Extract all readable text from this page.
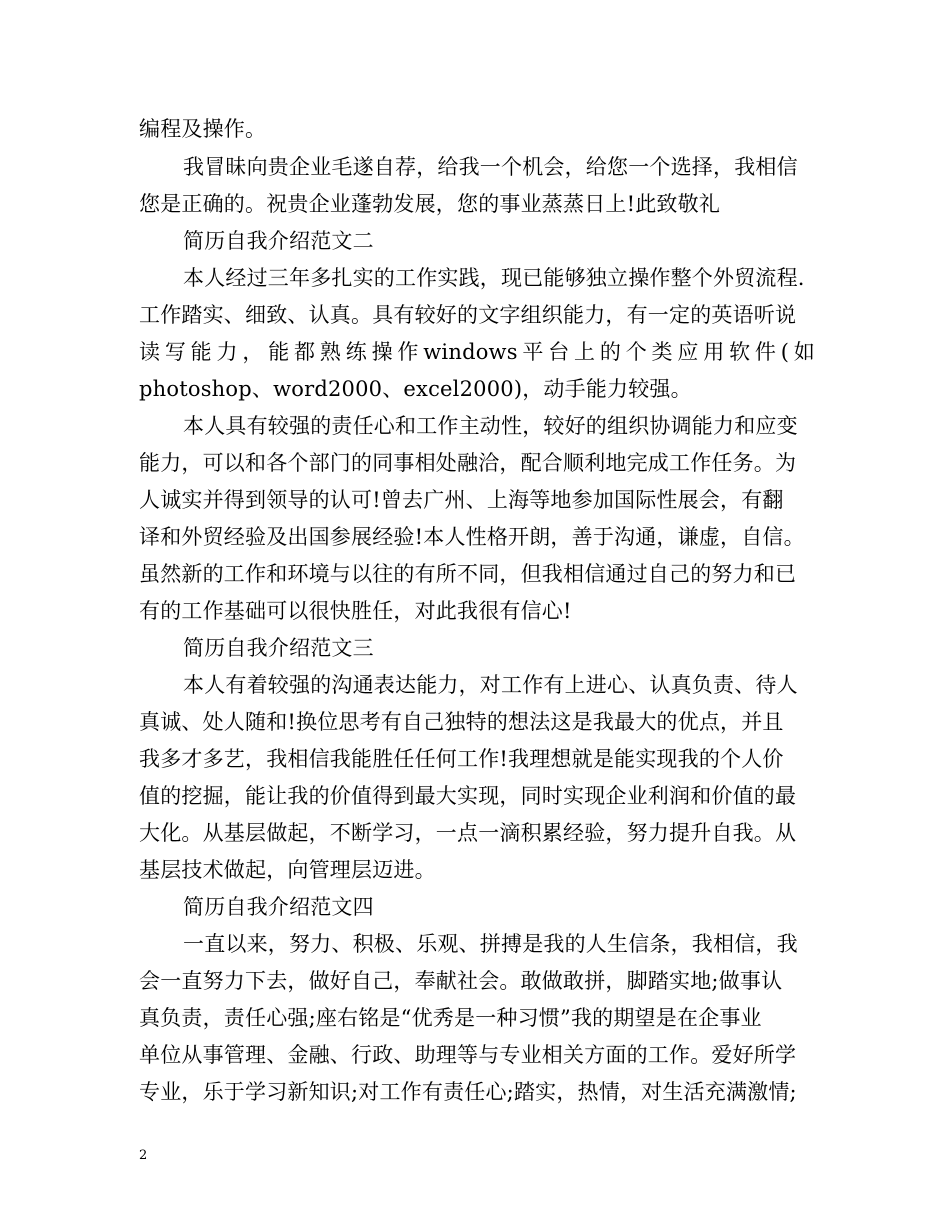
编程及操作。
我冒昧向贵企业毛遂自荐，给我一个机会，给您一个选择，我相信
您是正确的。祝贵企业蓬勃发展，您的事业蒸蒸日上!此致敬礼
简历自我介绍范文二
本人经过三年多扎实的工作实践，现已能够独立操作整个外贸流程.
工作踏实、细致、认真。具有较好的文字组织能力，有一定的英语听说
读写能力，能都熟练操作windows平台上的个类应用软件(如
photoshop、word2000、excel2000)，动手能力较强。
本人具有较强的责任心和工作主动性，较好的组织协调能力和应变
能力，可以和各个部门的同事相处融洽，配合顺利地完成工作任务。为
人诚实并得到领导的认可!曾去广州、上海等地参加国际性展会，有翻
译和外贸经验及出国参展经验!本人性格开朗，善于沟通，谦虚，自信。
虽然新的工作和环境与以往的有所不同，但我相信通过自己的努力和已
有的工作基础可以很快胜任，对此我很有信心!
简历自我介绍范文三
本人有着较强的沟通表达能力，对工作有上进心、认真负责、待人
真诚、处人随和!换位思考有自己独特的想法这是我最大的优点，并且
我多才多艺，我相信我能胜任任何工作!我理想就是能实现我的个人价
值的挖掘，能让我的价值得到最大实现，同时实现企业利润和价值的最
大化。从基层做起，不断学习，一点一滴积累经验，努力提升自我。从
基层技术做起，向管理层迈进。
简历自我介绍范文四
一直以来，努力、积极、乐观、拼搏是我的人生信条，我相信，我
会一直努力下去，做好自己，奉献社会。敢做敢拼，脚踏实地;做事认
真负责，责任心强;座右铭是“优秀是一种习惯”我的期望是在企事业
单位从事管理、金融、行政、助理等与专业相关方面的工作。爱好所学
专业，乐于学习新知识;对工作有责任心;踏实，热情，对生活充满激情;
2
